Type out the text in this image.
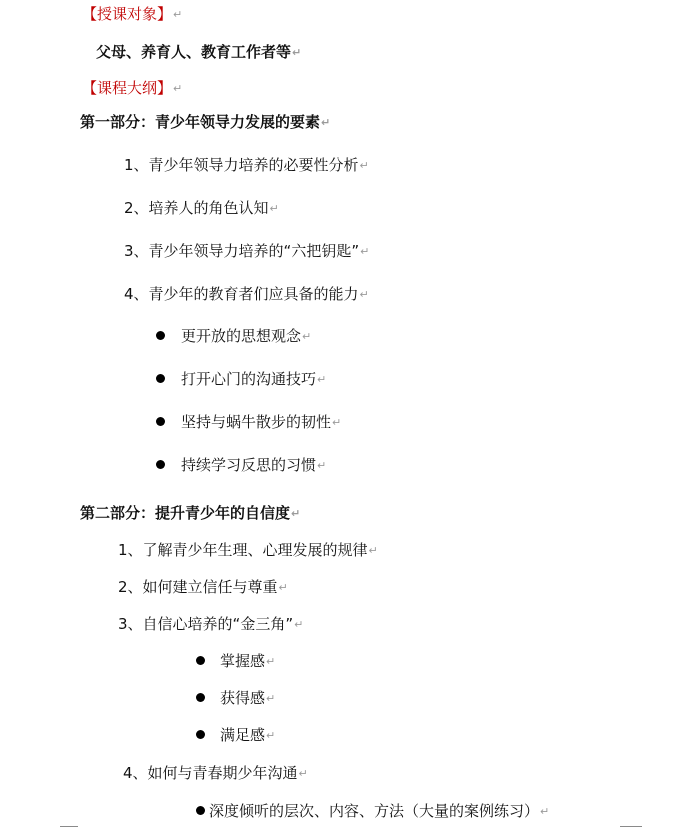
【授课对象】↵
父母、养育人、教育工作者等↵
【课程大纲】↵
第一部分：青少年领导力发展的要素↵
1、青少年领导力培养的必要性分析↵
2、培养人的角色认知↵
3、青少年领导力培养的“六把钥匙”↵
4、青少年的教育者们应具备的能力↵
更开放的思想观念↵
打开心门的沟通技巧↵
坚持与蜗牛散步的韧性↵
持续学习反思的习惯↵
第二部分：提升青少年的自信度↵
1、了解青少年生理、心理发展的规律↵
2、如何建立信任与尊重↵
3、自信心培养的“金三角”↵
掌握感↵
获得感↵
满足感↵
4、如何与青春期少年沟通↵
深度倾听的层次、内容、方法（大量的案例练习）↵
